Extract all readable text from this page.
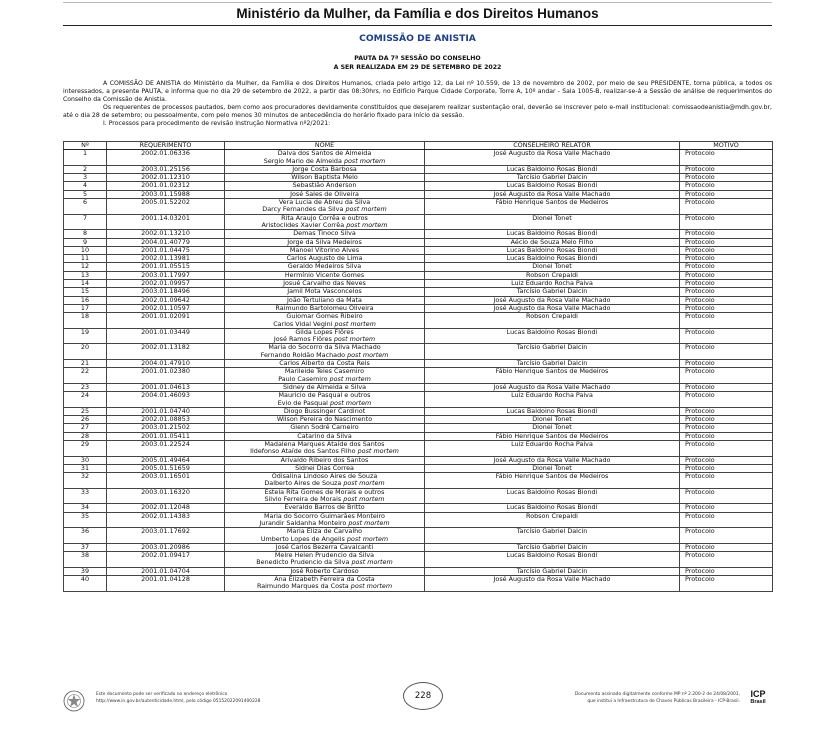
Ministério da Mulher, da Família e dos Direitos Humanos
COMISSÃO DE ANISTIA
PAUTA DA 7ª SESSÃO DO CONSELHO
A SER REALIZADA EM 29 DE SETEMBRO DE 2022

A COMISSÃO DE ANISTIA do Ministério da Mulher, da Família e dos Direitos Humanos, criada pelo artigo 12, da Lei nº 10.559, de 13 de novembro de 2002, por meio de seu PRESIDENTE, torna pública, a todos os interessados, a presente PAUTA, e informa que no dia 29 de setembro de 2022, a partir das 08:30hrs, no Edifício Parque Cidade Corporate, Torre A, 10º andar - Sala 1005-B, realizar-se-á a Sessão de análise de requerimentos do Conselho da Comissão de Anistia.

Os requerentes de processos pautados, bem como aos procuradores devidamente constituídos que desejarem realizar sustentação oral, deverão se inscrever pelo e-mail institucional: comissaodeanistia@mdh.gov.br, até o dia 28 de setembro; ou pessoalmente, com pelo menos 30 minutos de antecedência do horário fixado para início da sessão.

I. Processos para procedimento de revisão Instrução Normativa nº2/2021:

Nº	REQUERIMENTO	NOME	CONSELHEIRO RELATOR	MOTIVO
1	2002.01.06336	Dalva dos Santos de Almeida
Sergio Mario de Almeida post mortem	José Augusto da Rosa Valle Machado	Protocolo
2	2003.01.25156	Jorge Costa Barbosa	Lucas Baldoino Rosas Biondi	Protocolo
3	2002.01.12310	Wilson Baptista Melo	Tarcísio Gabriel Dalcin	Protocolo
4	2001.01.02312	Sebastião Anderson	Lucas Baldoino Rosas Biondi	Protocolo
5	2003.01.15988	José Sales de Oliveira	José Augusto da Rosa Valle Machado	Protocolo
6	2005.01.52202	Vera Lucia de Abreu da Silva
Darcy Fernandes da Silva post mortem	Fábio Henrique Santos de Medeiros	Protocolo
7	2001.14.03201	Rita Araujo Corrêa e outros
Aristoclides Xavier Corrêa post mortem	Dionei Tonet	Protocolo
8	2002.01.13210	Demas Tinoco Silva	Lucas Baldoino Rosas Biondi	Protocolo
9	2004.01.40779	Jorge da Silva Medeiros	Aécio de Souza Melo Filho	Protocolo
10	2001.01.04475	Manoel Vitorino Alves	Lucas Baldoino Rosas Biondi	Protocolo
11	2002.01.13981	Carlos Augusto de Lima	Lucas Baldoino Rosas Biondi	Protocolo
12	2001.01.05515	Geraldo Medeiros Silva	Dionei Tonet	Protocolo
13	2003.01.17997	Hermínio Vicente Gomes	Robson Crepaldi	Protocolo
14	2002.01.09957	Josué Carvalho das Neves	Luiz Eduardo Rocha Paiva	Protocolo
15	2003.01.18496	Jamil Mota Vasconcelos	Tarcísio Gabriel Dalcin	Protocolo
16	2002.01.09642	João Tertuliano da Mata	José Augusto da Rosa Valle Machado	Protocolo
17	2002.01.10597	Raimundo Bartolomeu Oliveira	José Augusto da Rosa Valle Machado	Protocolo
18	2001.01.02091	Guiomar Gomes Ribeiro
Carlos Vidal Vegini post mortem	Robson Crepaldi	Protocolo
19	2001.01.03449	Gilda Lopes Flôres
José Ramos Flôres post mortem	Lucas Baldoino Rosas Biondi	Protocolo
20	2002.01.13182	Maria do Socorro da Silva Machado
Fernando Roldão Machado post mortem	Tarcísio Gabriel Dalcin	Protocolo
21	2004.01.47910	Carlos Alberto da Costa Reis	Tarcísio Gabriel Dalcin	Protocolo
22	2001.01.02380	Marileide Teles Casemiro
Paulo Casemiro post mortem	Fábio Henrique Santos de Medeiros	Protocolo
23	2001.01.04613	Sidney de Almeida e Silva	José Augusto da Rosa Valle Machado	Protocolo
24	2004.01.46093	Mauricio de Pasqual e outros
Evio de Pasqual post mortem	Luiz Eduardo Rocha Paiva	Protocolo
25	2001.01.04740	Diogo Bussinger Cardinot	Lucas Baldoino Rosas Biondi	Protocolo
26	2002.01.08853	Wilson Pereira do Nascimento	Dionei Tonet	Protocolo
27	2003.01.21502	Glenn Sodré Carneiro	Dionei Tonet	Protocolo
28	2001.01.05411	Catarino da Silva	Fábio Henrique Santos de Medeiros	Protocolo
29	2003.01.22524	Madalena Marques Ataíde dos Santos
Ildefonso Ataíde dos Santos Filho post mortem	Luiz Eduardo Rocha Paiva	Protocolo
30	2005.01.49464	Arivaldo Ribeiro dos Santos	José Augusto da Rosa Valle Machado	Protocolo
31	2005.01.51659	Sidnei Dias Correa	Dionei Tonet	Protocolo
32	2003.01.16501	Odisalina Lindoso Aires de Souza
Dalberto Aires de Souza post mortem	Fábio Henrique Santos de Medeiros	Protocolo
33	2003.01.16320	Estela Rita Gomes de Morais e outros
Silvio Ferreira de Morais post mortem	Lucas Baldoino Rosas Biondi	Protocolo
34	2002.01.12048	Everaldo Barros de Britto	Lucas Baldoino Rosas Biondi	Protocolo
35	2002.01.14383	Maria do Socorro Guimarães Monteiro
Jurandir Saldanha Monteiro post mortem	Robson Crepaldi	Protocolo
36	2003.01.17692	Maria Eliza de Carvalho
Umberto Lopes de Angelis post mortem	Tarcísio Gabriel Dalcin	Protocolo
37	2003.01.20986	José Carlos Bezerra Cavalcanti	Tarcísio Gabriel Dalcin	Protocolo
38	2002.01.09417	Meire Helen Prudencio da Silva
Benedicto Prudencio da Silva post mortem	Lucas Baldoino Rosas Biondi	Protocolo
39	2001.01.04704	José Roberto Cardoso	Tarcísio Gabriel Dalcin	Protocolo
40	2001.01.04128	Ana Elizabeth Ferreira da Costa
Raimundo Marques da Costa post mortem	José Augusto da Rosa Valle Machado	Protocolo
Este documento pode ser verificado no endereço eletrônico
http://www.in.gov.br/autenticidade.html, pelo código 05152022091400228
228	Documento assinado digitalmente conforme MP nº 2.200-2 de 24/08/2001,
que institui a Infraestrutura de Chaves Públicas Brasileira - ICP-Brasil.
ICP
Brasil
